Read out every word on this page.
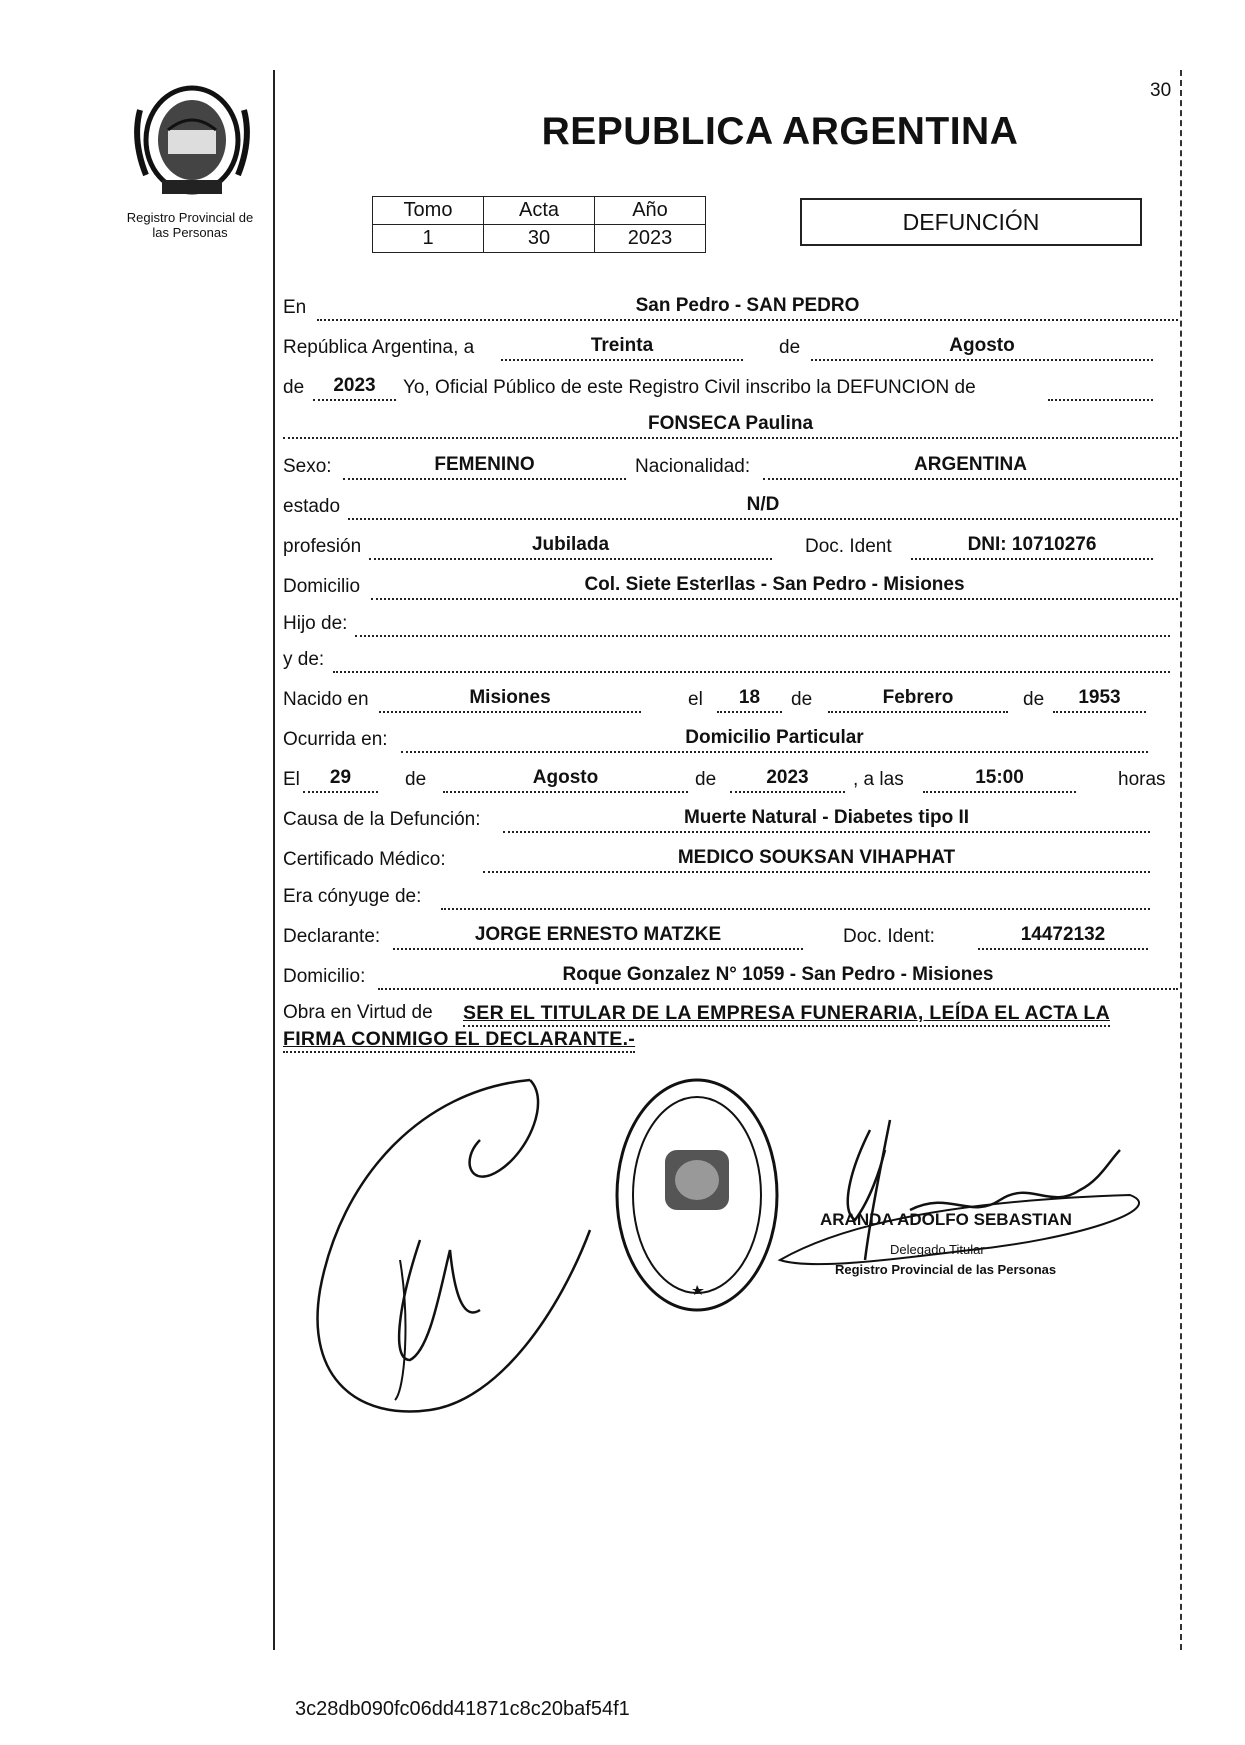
30
Registro Provincial de
las Personas
REPUBLICA ARGENTINA
Tomo	Acta	Año
1	30	2023
DEFUNCIÓN
En	San Pedro - SAN PEDRO
República Argentina, a	Treinta	de	Agosto
de	2023	Yo, Oficial Público de este Registro Civil inscribo la DEFUNCION de
FONSECA Paulina
Sexo:	FEMENINO	Nacionalidad:	ARGENTINA
estado	N/D
profesión	Jubilada	Doc. Ident	DNI: 10710276
Domicilio	Col. Siete Esterllas - San Pedro - Misiones
Hijo de:
y de:
Nacido en	Misiones	el	18	de	Febrero	de	1953
Ocurrida en:	Domicilio Particular
El	29	de	Agosto	de	2023	, a las	15:00	horas
Causa de la Defunción:	Muerte Natural - Diabetes tipo II
Certificado Médico:	MEDICO SOUKSAN VIHAPHAT
Era cónyuge de:
Declarante:	JORGE ERNESTO MATZKE	Doc. Ident:	14472132
Domicilio:	Roque Gonzalez N° 1059 - San Pedro - Misiones
Obra en Virtud de SER EL TITULAR DE LA EMPRESA FUNERARIA, LEÍDA EL ACTA LA
FIRMA CONMIGO EL DECLARANTE.-
ARANDA ADOLFO SEBASTIAN
Delegado Titular
Registro Provincial de las Personas
3c28db090fc06dd41871c8c20baf54f1
